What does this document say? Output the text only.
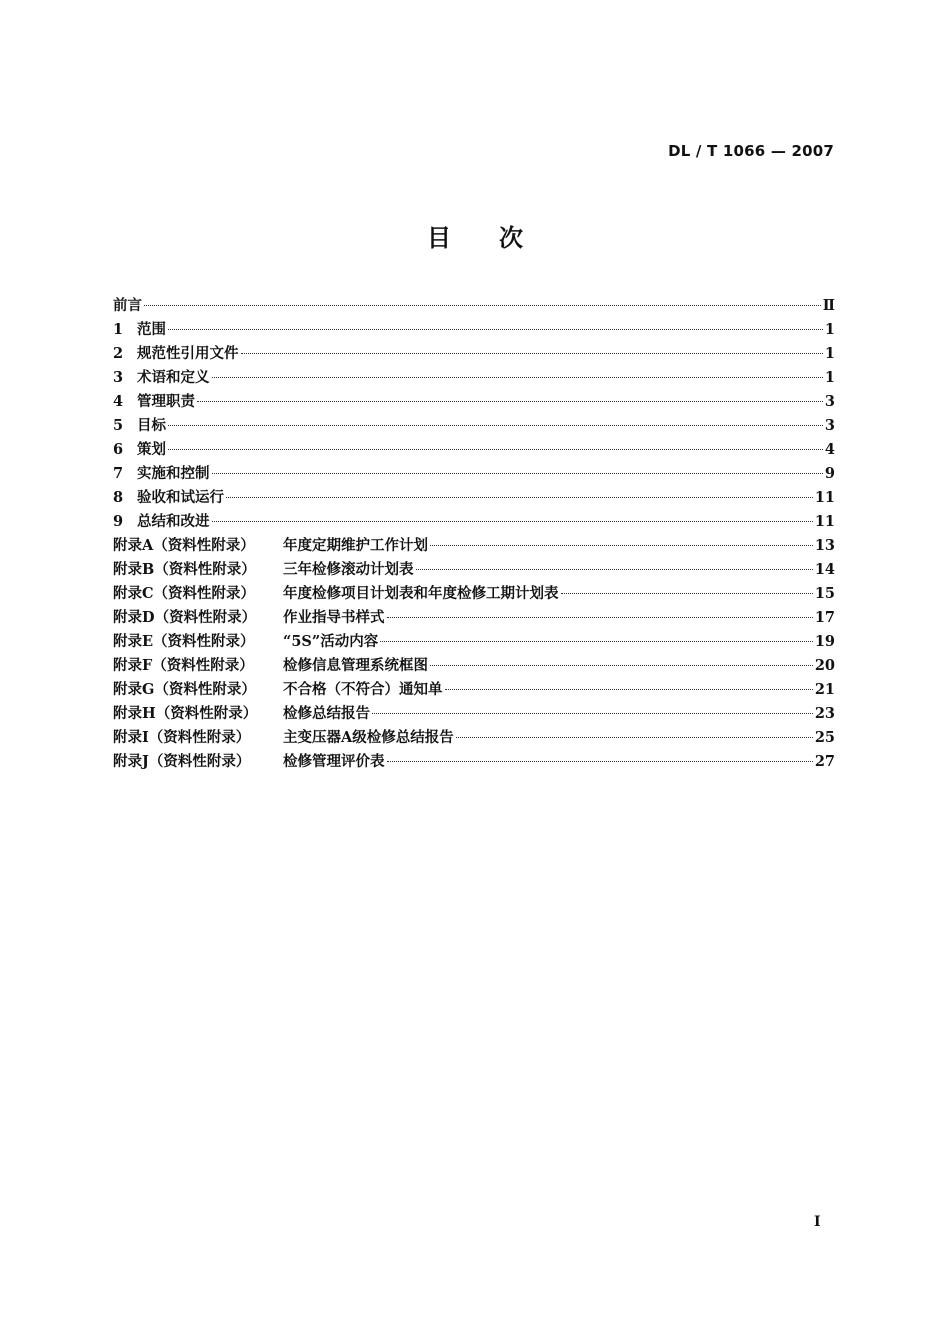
DL / T 1066 — 2007
目次
前言	Ⅱ
1 范围	1
2 规范性引用文件	1
3 术语和定义	1
4 管理职责	3
5 目标	3
6 策划	4
7 实施和控制	9
8 验收和试运行	11
9 总结和改进	11
附录A（资料性附录）	年度定期维护工作计划	13
附录B（资料性附录）	三年检修滚动计划表	14
附录C（资料性附录）	年度检修项目计划表和年度检修工期计划表	15
附录D（资料性附录）	作业指导书样式	17
附录E（资料性附录）	“5S”活动内容	19
附录F（资料性附录）	检修信息管理系统框图	20
附录G（资料性附录）	不合格（不符合）通知单	21
附录H（资料性附录）	检修总结报告	23
附录I（资料性附录）	主变压器A级检修总结报告	25
附录J（资料性附录）	检修管理评价表	27
I
